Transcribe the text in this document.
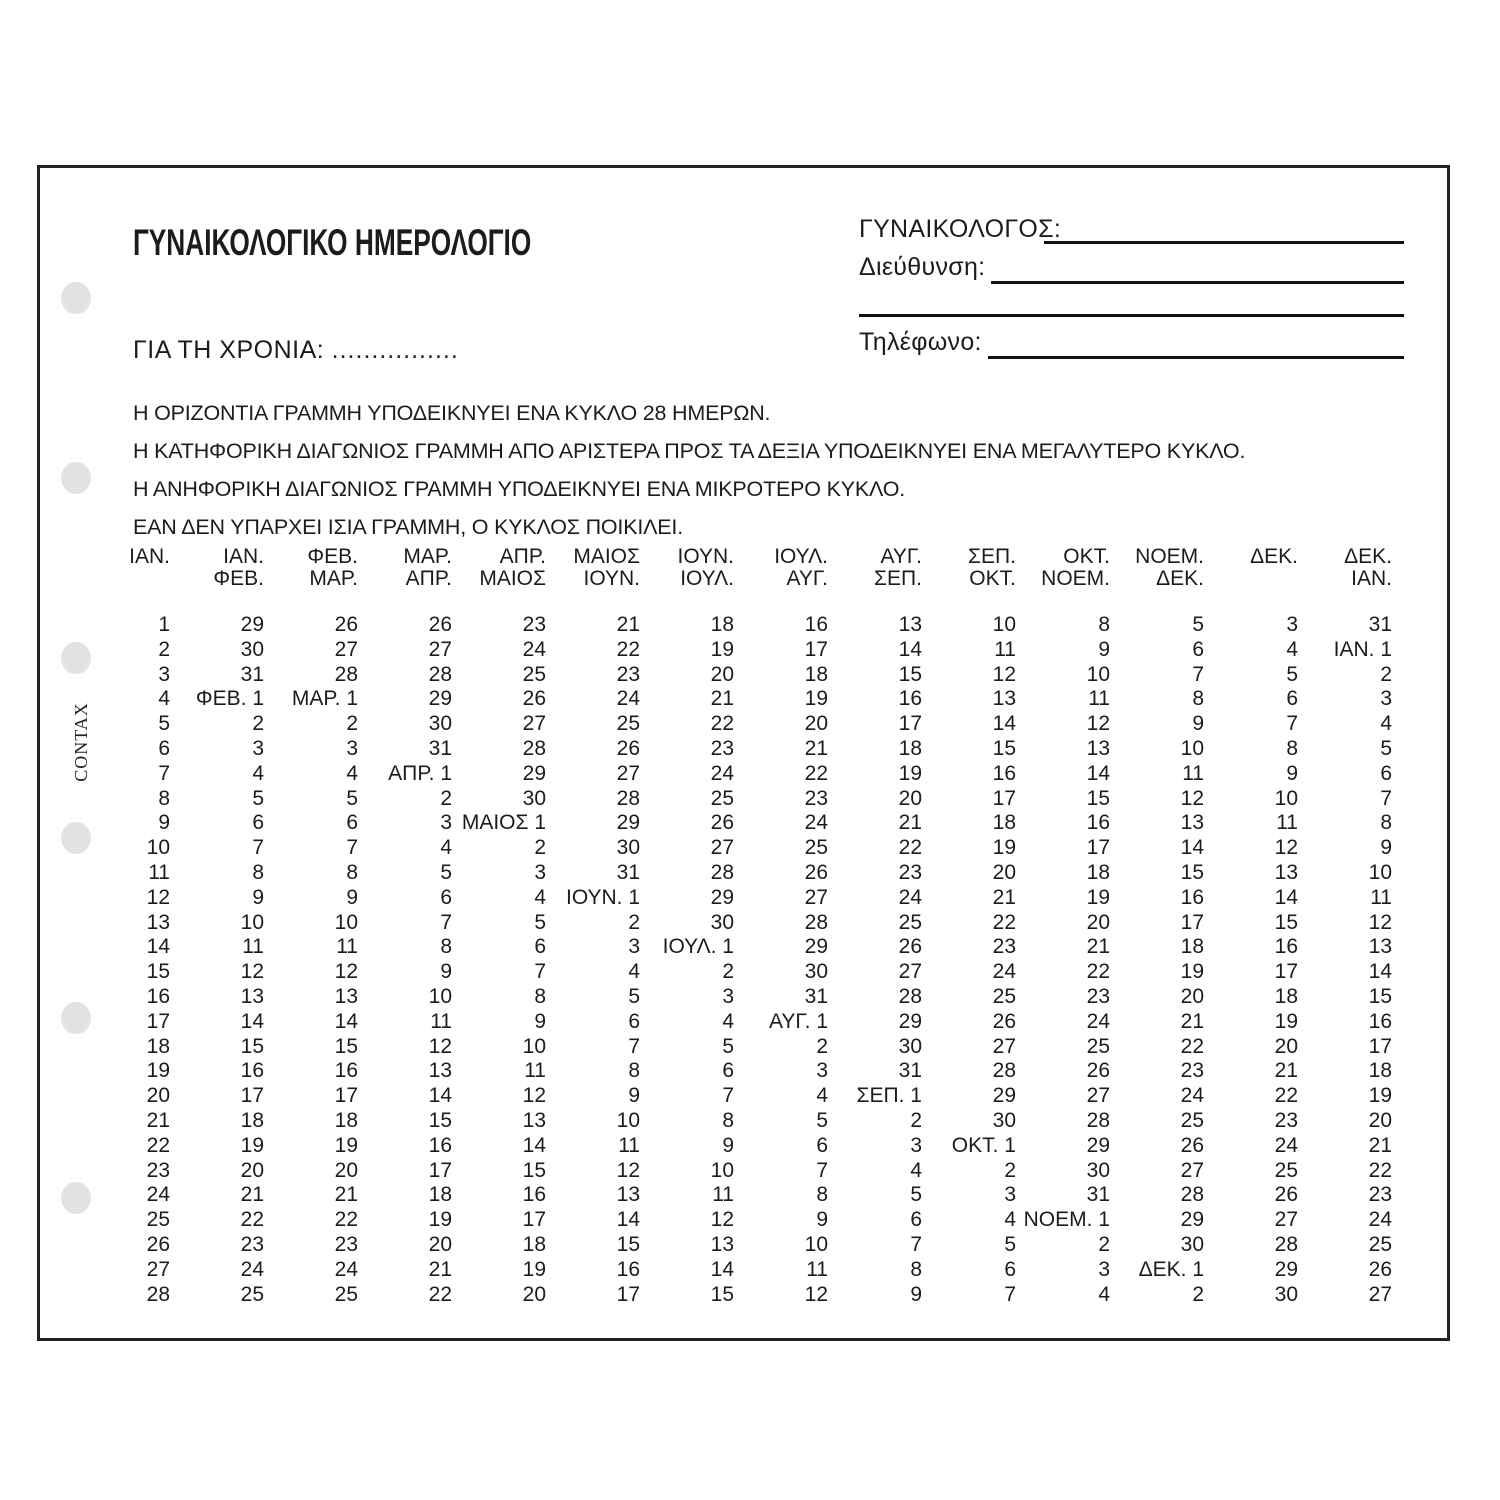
CONTAX
ΓΥΝΑΙΚΟΛΟΓΙΚΟ ΗΜΕΡΟΛΟΓΙΟ	ΓΥΝΑΙΚΟΛΟΓΟΣ:
Διεύθυνση:
Τηλέφωνο:
ΓΙΑ ΤΗ ΧΡΟΝΙΑ: ................
Η ΟΡΙΖΟΝΤΙΑ ΓΡΑΜΜΗ ΥΠΟΔΕΙΚΝΥΕΙ ΕΝΑ ΚΥΚΛΟ 28 ΗΜΕΡΩΝ.
Η ΚΑΤΗΦΟΡΙΚΗ ΔΙΑΓΩΝΙΟΣ ΓΡΑΜΜΗ ΑΠΟ ΑΡΙΣΤΕΡΑ ΠΡΟΣ ΤΑ ΔΕΞΙΑ ΥΠΟΔΕΙΚΝΥΕΙ ΕΝΑ ΜΕΓΑΛΥΤΕΡΟ ΚΥΚΛΟ.
Η ΑΝΗΦΟΡΙΚΗ ΔΙΑΓΩΝΙΟΣ ΓΡΑΜΜΗ ΥΠΟΔΕΙΚΝΥΕΙ ΕΝΑ ΜΙΚΡΟΤΕΡΟ ΚΥΚΛΟ.
ΕΑΝ ΔΕΝ ΥΠΑΡΧΕΙ ΙΣΙΑ ΓΡΑΜΜΗ, Ο ΚΥΚΛΟΣ ΠΟΙΚΙΛΕΙ.
ΙΑΝ.	ΙΑΝ.	ΦΕΒ.	ΜΑΡ.	ΑΠΡ.	ΜΑΙΟΣ	ΙΟΥΝ.	ΙΟΥΛ.	ΑΥΓ.	ΣΕΠ.	ΟΚΤ.	ΝΟΕΜ.	ΔΕΚ.	ΔΕΚ.
	ΦΕΒ.	ΜΑΡ.	ΑΠΡ.	ΜΑΙΟΣ	ΙΟΥΝ.	ΙΟΥΛ.	ΑΥΓ.	ΣΕΠ.	ΟΚΤ.	ΝΟΕΜ.	ΔΕΚ.		ΙΑΝ.

1	29	26	26	23	21	18	16	13	10	8	5	3	31
2	30	27	27	24	22	19	17	14	11	9	6	4	ΙΑΝ. 1
3	31	28	28	25	23	20	18	15	12	10	7	5	2
4	ΦΕΒ. 1	ΜΑΡ. 1	29	26	24	21	19	16	13	11	8	6	3
5	2	2	30	27	25	22	20	17	14	12	9	7	4
6	3	3	31	28	26	23	21	18	15	13	10	8	5
7	4	4	ΑΠΡ. 1	29	27	24	22	19	16	14	11	9	6
8	5	5	2	30	28	25	23	20	17	15	12	10	7
9	6	6	3	ΜΑΙΟΣ 1	29	26	24	21	18	16	13	11	8
10	7	7	4	2	30	27	25	22	19	17	14	12	9
11	8	8	5	3	31	28	26	23	20	18	15	13	10
12	9	9	6	4	ΙΟΥΝ. 1	29	27	24	21	19	16	14	11
13	10	10	7	5	2	30	28	25	22	20	17	15	12
14	11	11	8	6	3	ΙΟΥΛ. 1	29	26	23	21	18	16	13
15	12	12	9	7	4	2	30	27	24	22	19	17	14
16	13	13	10	8	5	3	31	28	25	23	20	18	15
17	14	14	11	9	6	4	ΑΥΓ. 1	29	26	24	21	19	16
18	15	15	12	10	7	5	2	30	27	25	22	20	17
19	16	16	13	11	8	6	3	31	28	26	23	21	18
20	17	17	14	12	9	7	4	ΣΕΠ. 1	29	27	24	22	19
21	18	18	15	13	10	8	5	2	30	28	25	23	20
22	19	19	16	14	11	9	6	3	ΟΚΤ. 1	29	26	24	21
23	20	20	17	15	12	10	7	4	2	30	27	25	22
24	21	21	18	16	13	11	8	5	3	31	28	26	23
25	22	22	19	17	14	12	9	6	4	ΝΟΕΜ. 1	29	27	24
26	23	23	20	18	15	13	10	7	5	2	30	28	25
27	24	24	21	19	16	14	11	8	6	3	ΔΕΚ. 1	29	26
28	25	25	22	20	17	15	12	9	7	4	2	30	27
